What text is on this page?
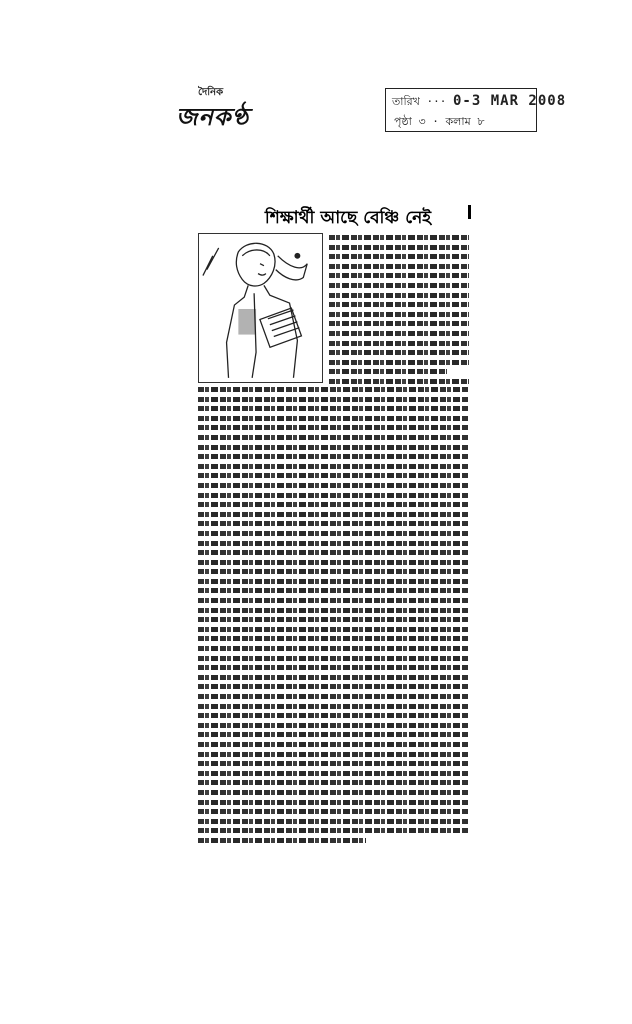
দৈনিক
জনকণ্ঠ
তারিখ ··· 0-3 MAR 2008
পৃষ্ঠা ৩ · কলাম ৮
শিক্ষার্থী আছে বেঞ্চি নেই
